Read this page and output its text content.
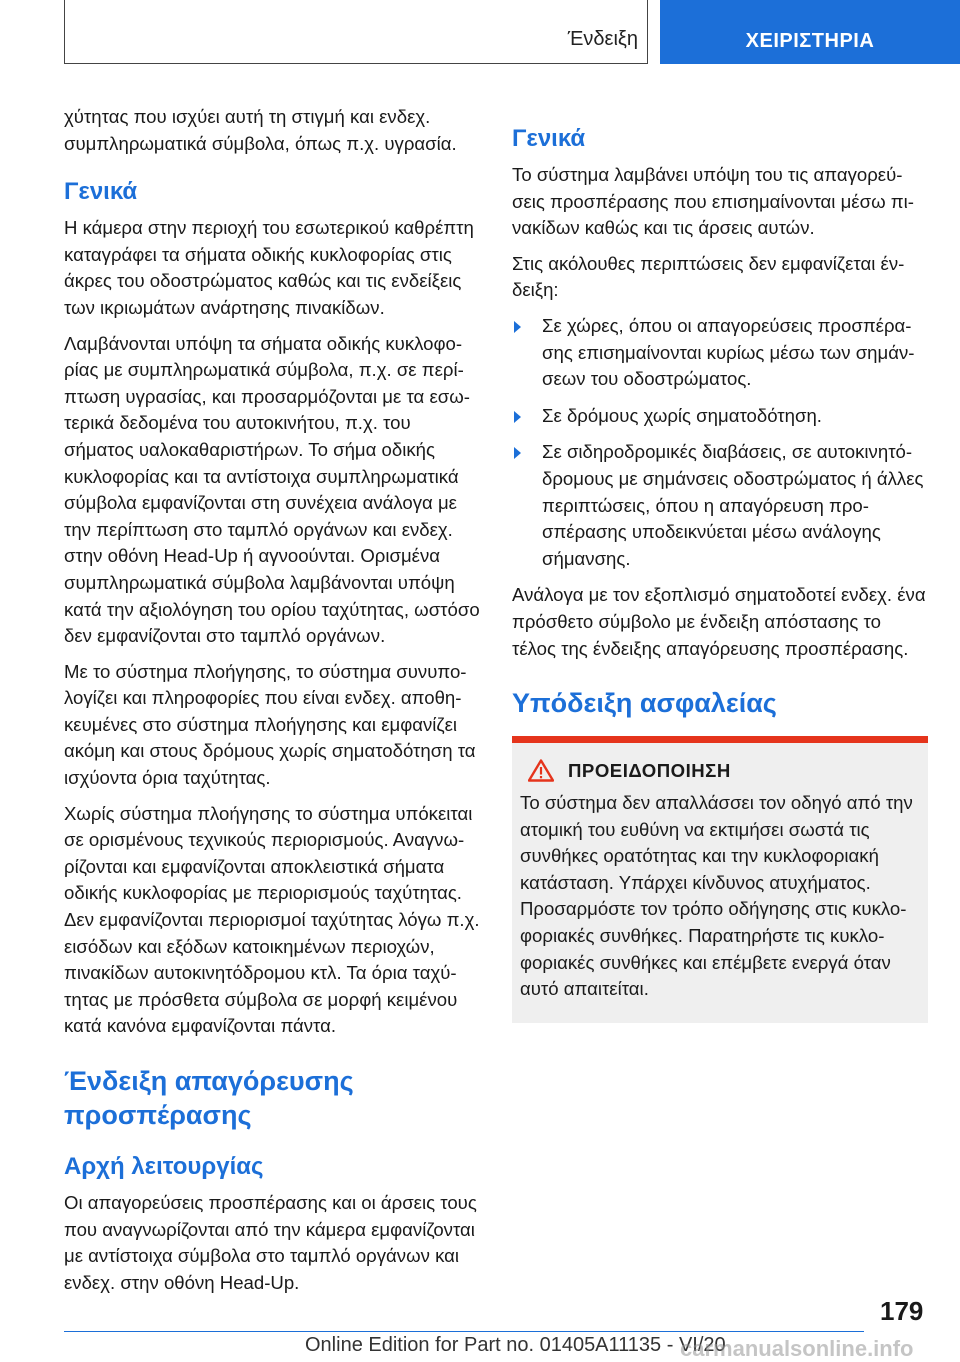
Ένδειξη	ΧΕΙΡΙΣΤΗΡΙΑ

χύτητας που ισχύει αυτή τη στιγμή και ενδεχ. συμπληρωματικά σύμβολα, όπως π.χ. υγρασία.

Γενικά

Η κάμερα στην περιοχή του εσωτερικού καθρέπτη καταγράφει τα σήματα οδικής κυκλοφορίας στις άκρες του οδοστρώματος καθώς και τις ενδείξεις των ικριωμάτων ανάρτησης πινακίδων.

Λαμβάνονται υπόψη τα σήματα οδικής κυκλοφορίας με συμπληρωματικά σύμβολα, π.χ. σε περίπτωση υγρασίας, και προσαρμόζονται με τα εσωτερικά δεδομένα του αυτοκινήτου, π.χ. του σήματος υαλοκαθαριστήρων. Το σήμα οδικής κυκλοφορίας και τα αντίστοιχα συμπληρωματικά σύμβολα εμφανίζονται στη συνέχεια ανάλογα με την περίπτωση στο ταμπλό οργάνων και ενδεχ. στην οθόνη Head-Up ή αγνοούνται. Ορισμένα συμπληρωματικά σύμβολα λαμβάνονται υπόψη κατά την αξιολόγηση του ορίου ταχύτητας, ωστόσο δεν εμφανίζονται στο ταμπλό οργάνων.

Με το σύστημα πλοήγησης, το σύστημα συνυπολογίζει και πληροφορίες που είναι ενδεχ. αποθηκευμένες στο σύστημα πλοήγησης και εμφανίζει ακόμη και στους δρόμους χωρίς σηματοδότηση τα ισχύοντα όρια ταχύτητας.

Χωρίς σύστημα πλοήγησης το σύστημα υπόκειται σε ορισμένους τεχνικούς περιορισμούς. Αναγνωρίζονται και εμφανίζονται αποκλειστικά σήματα οδικής κυκλοφορίας με περιορισμούς ταχύτητας. Δεν εμφανίζονται περιορισμοί ταχύτητας λόγω π.χ. εισόδων και εξόδων κατοικημένων περιοχών, πινακίδων αυτοκινητόδρομου κτλ. Τα όρια ταχύτητας με πρόσθετα σύμβολα σε μορφή κειμένου κατά κανόνα εμφανίζονται πάντα.

Ένδειξη απαγόρευσης προσπέρασης
Αρχή λειτουργίας

Οι απαγορεύσεις προσπέρασης και οι άρσεις τους που αναγνωρίζονται από την κάμερα εμφανίζονται με αντίστοιχα σύμβολα στο ταμπλό οργάνων και ενδεχ. στην οθόνη Head-Up.

Γενικά

Το σύστημα λαμβάνει υπόψη του τις απαγορεύσεις προσπέρασης που επισημαίνονται μέσω πινακίδων καθώς και τις άρσεις αυτών.

Στις ακόλουθες περιπτώσεις δεν εμφανίζεται ένδειξη:

Σε χώρες, όπου οι απαγορεύσεις προσπέρασης επισημαίνονται κυρίως μέσω των σημάνσεων του οδοστρώματος.
Σε δρόμους χωρίς σηματοδότηση.
Σε σιδηροδρομικές διαβάσεις, σε αυτοκινητόδρομους με σημάνσεις οδοστρώματος ή άλλες περιπτώσεις, όπου η απαγόρευση προσπέρασης υποδεικνύεται μέσω ανάλογης σήμανσης.

Ανάλογα με τον εξοπλισμό σηματοδοτεί ενδεχ. ένα πρόσθετο σύμβολο με ένδειξη απόστασης το τέλος της ένδειξης απαγόρευσης προσπέρασης.

Υπόδειξη ασφαλείας
ΠΡΟΕΙΔΟΠΟΙΗΣΗ

Το σύστημα δεν απαλλάσσει τον οδηγό από την ατομική του ευθύνη να εκτιμήσει σωστά τις συνθήκες ορατότητας και την κυκλοφοριακή κατάσταση. Υπάρχει κίνδυνος ατυχήματος. Προσαρμόστε τον τρόπο οδήγησης στις κυκλοφοριακές συνθήκες. Παρατηρήστε τις κυκλοφοριακές συνθήκες και επέμβετε ενεργά όταν αυτό απαιτείται.

179
Online Edition for Part no. 01405A11135 - VI/20
carmanualsonline.info
